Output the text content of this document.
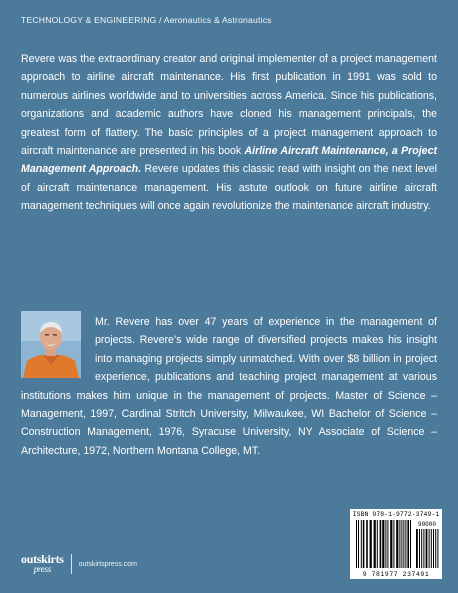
TECHNOLOGY & ENGINEERING / Aeronautics & Astronautics
Revere was the extraordinary creator and original implementer of a project management approach to airline aircraft maintenance. His first publication in 1991 was sold to numerous airlines worldwide and to universities across America. Since his publications, organizations and academic authors have cloned his management principals, the greatest form of flattery. The basic principles of a project management approach to aircraft maintenance are presented in his book Airline Aircraft Maintenance, a Project Management Approach. Revere updates this classic read with insight on the next level of aircraft maintenance management. His astute outlook on future airline aircraft management techniques will once again revolutionize the maintenance aircraft industry.
Mr. Revere has over 47 years of experience in the management of projects. Revere’s wide range of diversified projects makes his insight into managing projects simply unmatched. With over $8 billion in project experience, publications and teaching project management at various institutions makes him unique in the management of projects. Master of Science – Management, 1997, Cardinal Stritch University, Milwaukee, WI Bachelor of Science – Construction Management, 1976, Syracuse University, NY Associate of Science – Architecture, 1972, Northern Montana College, MT.
outskirts
press	outskirtspress.com
ISBN 978-1-9772-3749-1
90000
9 781977 237491
